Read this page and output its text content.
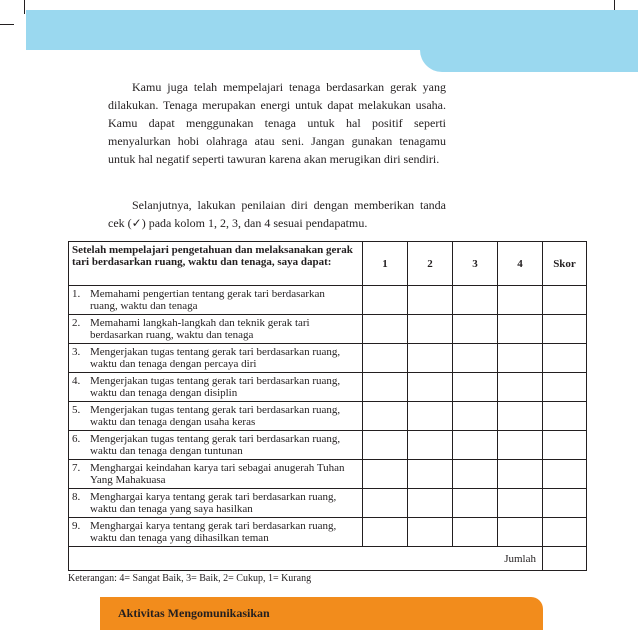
Kamu juga telah mempelajari tenaga berdasarkan gerak yang dilakukan. Tenaga merupakan energi untuk dapat melakukan usaha. Kamu dapat menggunakan tenaga untuk hal positif seperti menyalurkan hobi olahraga atau seni. Jangan gunakan tenagamu untuk hal negatif seperti tawuran karena akan merugikan diri sendiri.

Selanjutnya, lakukan penilaian diri dengan memberikan tanda cek (✓) pada kolom 1, 2, 3, dan 4 sesuai pendapatmu.

Setelah mempelajari pengetahuan dan melaksanakan gerak tari berdasarkan ruang, waktu dan tenaga, saya dapat:	1	2	3	4	Skor
1. Memahami pengertian tentang gerak tari berdasarkan ruang, waktu dan tenaga					
2. Memahami langkah-langkah dan teknik gerak tari berdasarkan ruang, waktu dan tenaga					
3. Mengerjakan tugas tentang gerak tari berdasarkan ruang, waktu dan tenaga dengan percaya diri					
4. Mengerjakan tugas tentang gerak tari berdasarkan ruang, waktu dan tenaga dengan disiplin					
5. Mengerjakan tugas tentang gerak tari berdasarkan ruang, waktu dan tenaga dengan usaha keras					
6. Mengerjakan tugas tentang gerak tari berdasarkan ruang, waktu dan tenaga dengan tuntunan					
7. Menghargai keindahan karya tari sebagai anugerah Tuhan Yang Mahakuasa					
8. Menghargai karya tentang gerak tari berdasarkan ruang, waktu dan tenaga yang saya hasilkan					
9. Menghargai karya tentang gerak tari berdasarkan ruang, waktu dan tenaga yang dihasilkan teman					
Jumlah					
Keterangan: 4= Sangat Baik, 3= Baik, 2= Cukup, 1= Kurang
Aktivitas Mengomunikasikan
